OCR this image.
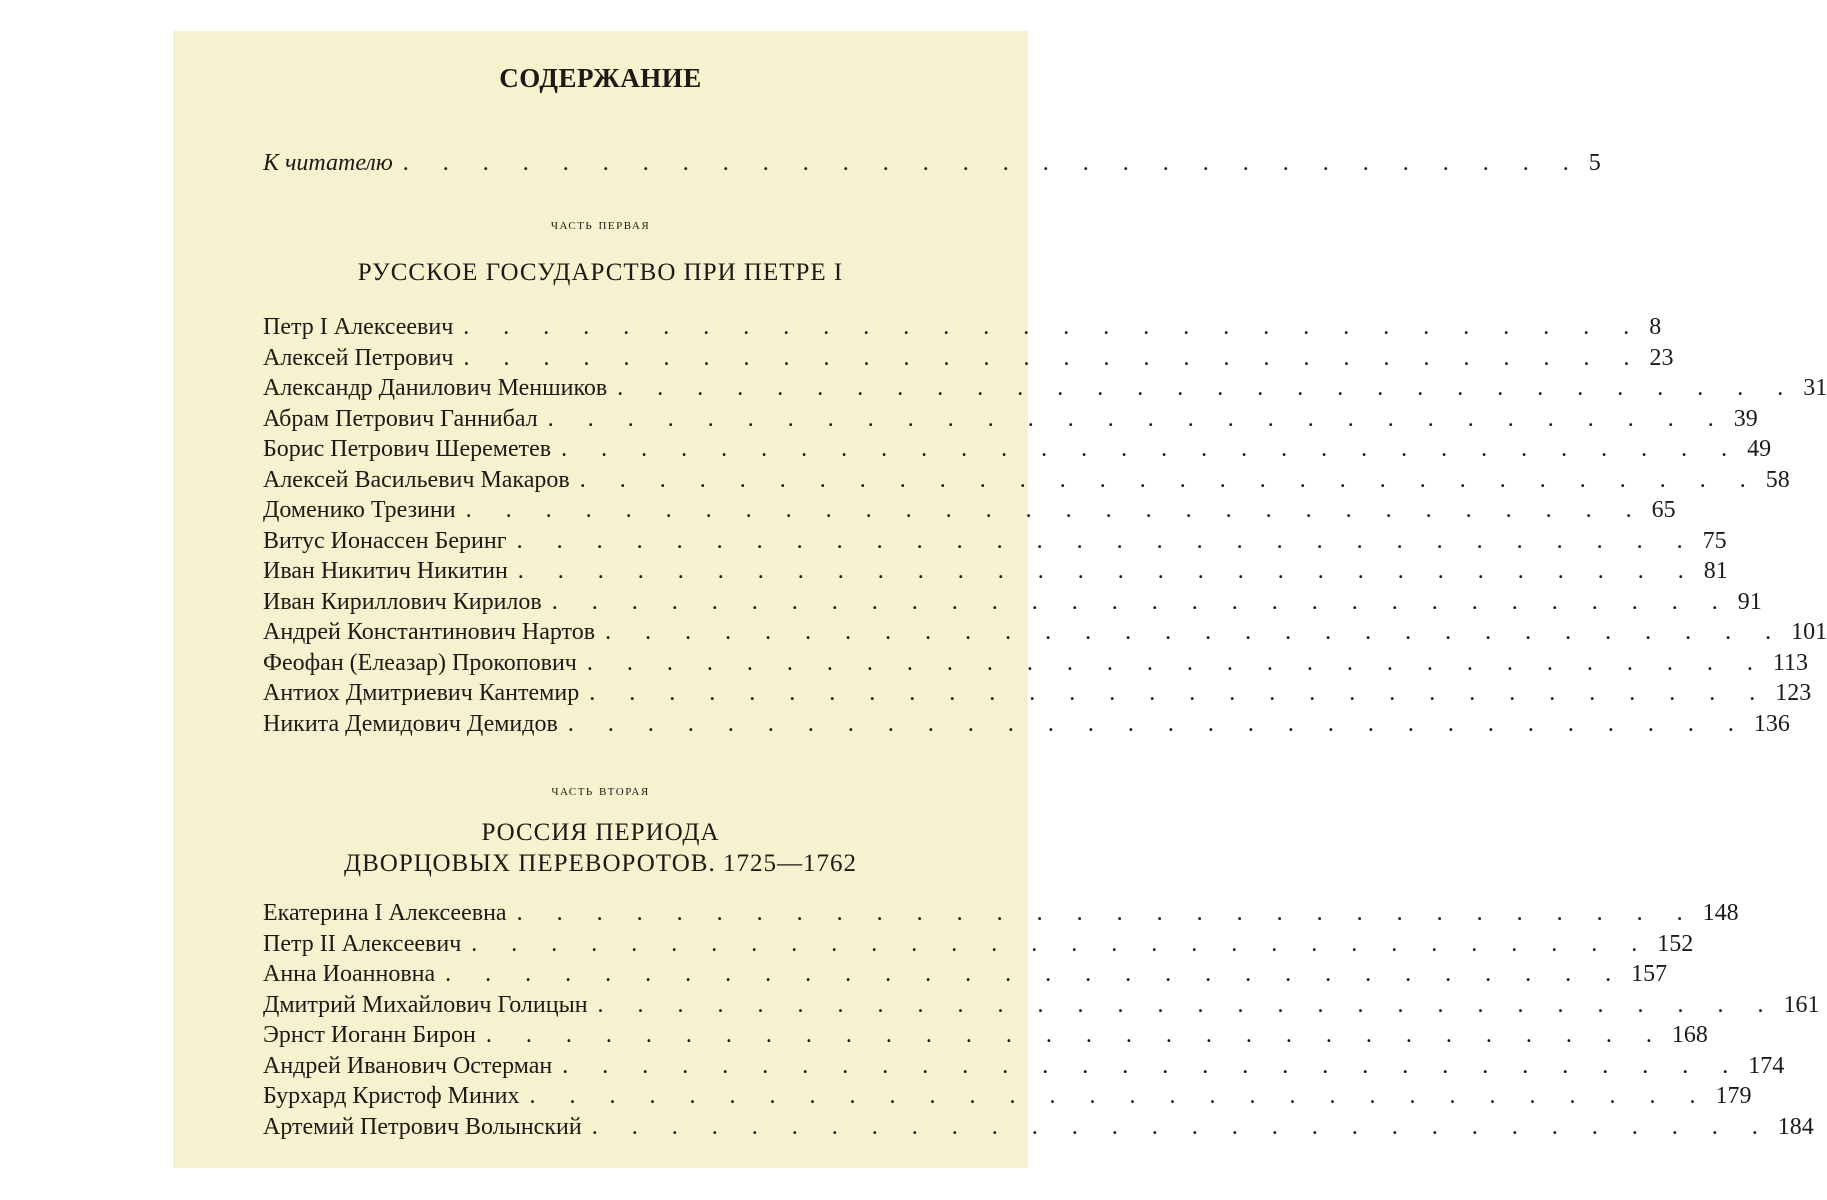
СОДЕРЖАНИЕ
К читателю . . . . . . . . . . . . . . . . . . . . . . . . . . . . . . 5
часть первая
РУССКОЕ ГОСУДАРСТВО ПРИ ПЕТРЕ I
Петр I Алексеевич . . . . . . . . . . . . . . . . . . . . . . . . . . . . . . 8
Алексей Петрович . . . . . . . . . . . . . . . . . . . . . . . . . . . . . . 23
Александр Данилович Меншиков . . . . . . . . . . . . . . . . . . . . . . . . . . . . . . 31
Абрам Петрович Ганнибал . . . . . . . . . . . . . . . . . . . . . . . . . . . . . . 39
Борис Петрович Шереметев . . . . . . . . . . . . . . . . . . . . . . . . . . . . . . 49
Алексей Васильевич Макаров . . . . . . . . . . . . . . . . . . . . . . . . . . . . . . 58
Доменико Трезини . . . . . . . . . . . . . . . . . . . . . . . . . . . . . . 65
Витус Ионассен Беринг . . . . . . . . . . . . . . . . . . . . . . . . . . . . . . 75
Иван Никитич Никитин . . . . . . . . . . . . . . . . . . . . . . . . . . . . . . 81
Иван Кириллович Кирилов . . . . . . . . . . . . . . . . . . . . . . . . . . . . . . 91
Андрей Константинович Нартов . . . . . . . . . . . . . . . . . . . . . . . . . . . . . . 101
Феофан (Елеазар) Прокопович . . . . . . . . . . . . . . . . . . . . . . . . . . . . . . 113
Антиох Дмитриевич Кантемир . . . . . . . . . . . . . . . . . . . . . . . . . . . . . . 123
Никита Демидович Демидов . . . . . . . . . . . . . . . . . . . . . . . . . . . . . . 136
часть вторая
РОССИЯ ПЕРИОДА
ДВОРЦОВЫХ ПЕРЕВОРОТОВ. 1725—1762
Екатерина I Алексеевна . . . . . . . . . . . . . . . . . . . . . . . . . . . . . . 148
Петр II Алексеевич . . . . . . . . . . . . . . . . . . . . . . . . . . . . . . 152
Анна Иоанновна . . . . . . . . . . . . . . . . . . . . . . . . . . . . . . 157
Дмитрий Михайлович Голицын . . . . . . . . . . . . . . . . . . . . . . . . . . . . . . 161
Эрнст Иоганн Бирон . . . . . . . . . . . . . . . . . . . . . . . . . . . . . . 168
Андрей Иванович Остерман . . . . . . . . . . . . . . . . . . . . . . . . . . . . . . 174
Бурхард Кристоф Миних . . . . . . . . . . . . . . . . . . . . . . . . . . . . . . 179
Артемий Петрович Волынский . . . . . . . . . . . . . . . . . . . . . . . . . . . . . . 184
